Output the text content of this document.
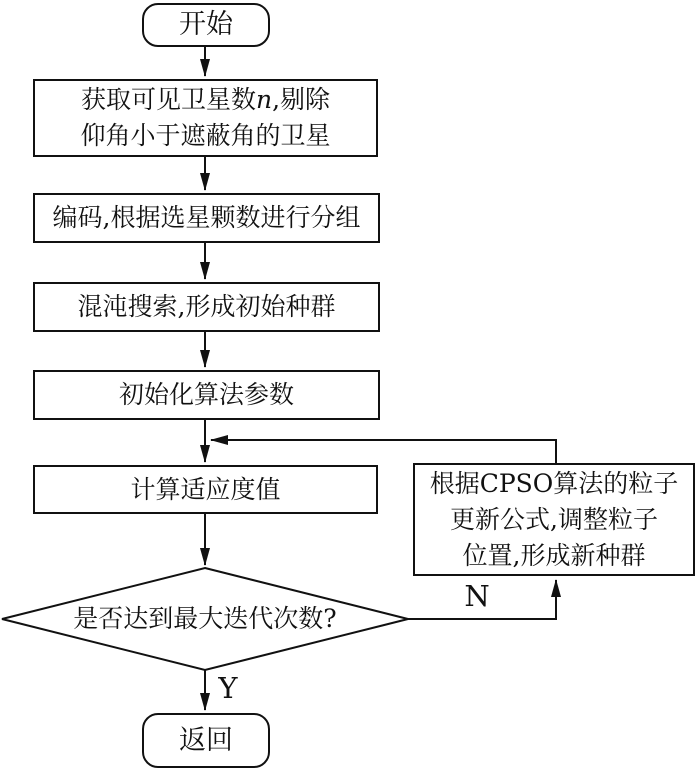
开始
获取可见卫星数n,剔除
仰角小于遮蔽角的卫星
编码,根据选星颗数进行分组
混沌搜索,形成初始种群
初始化算法参数
计算适应度值	根据CPSO算法的粒子
更新公式,调整粒子
位置,形成新种群
是否达到最大迭代次数?
N
Y
返回
